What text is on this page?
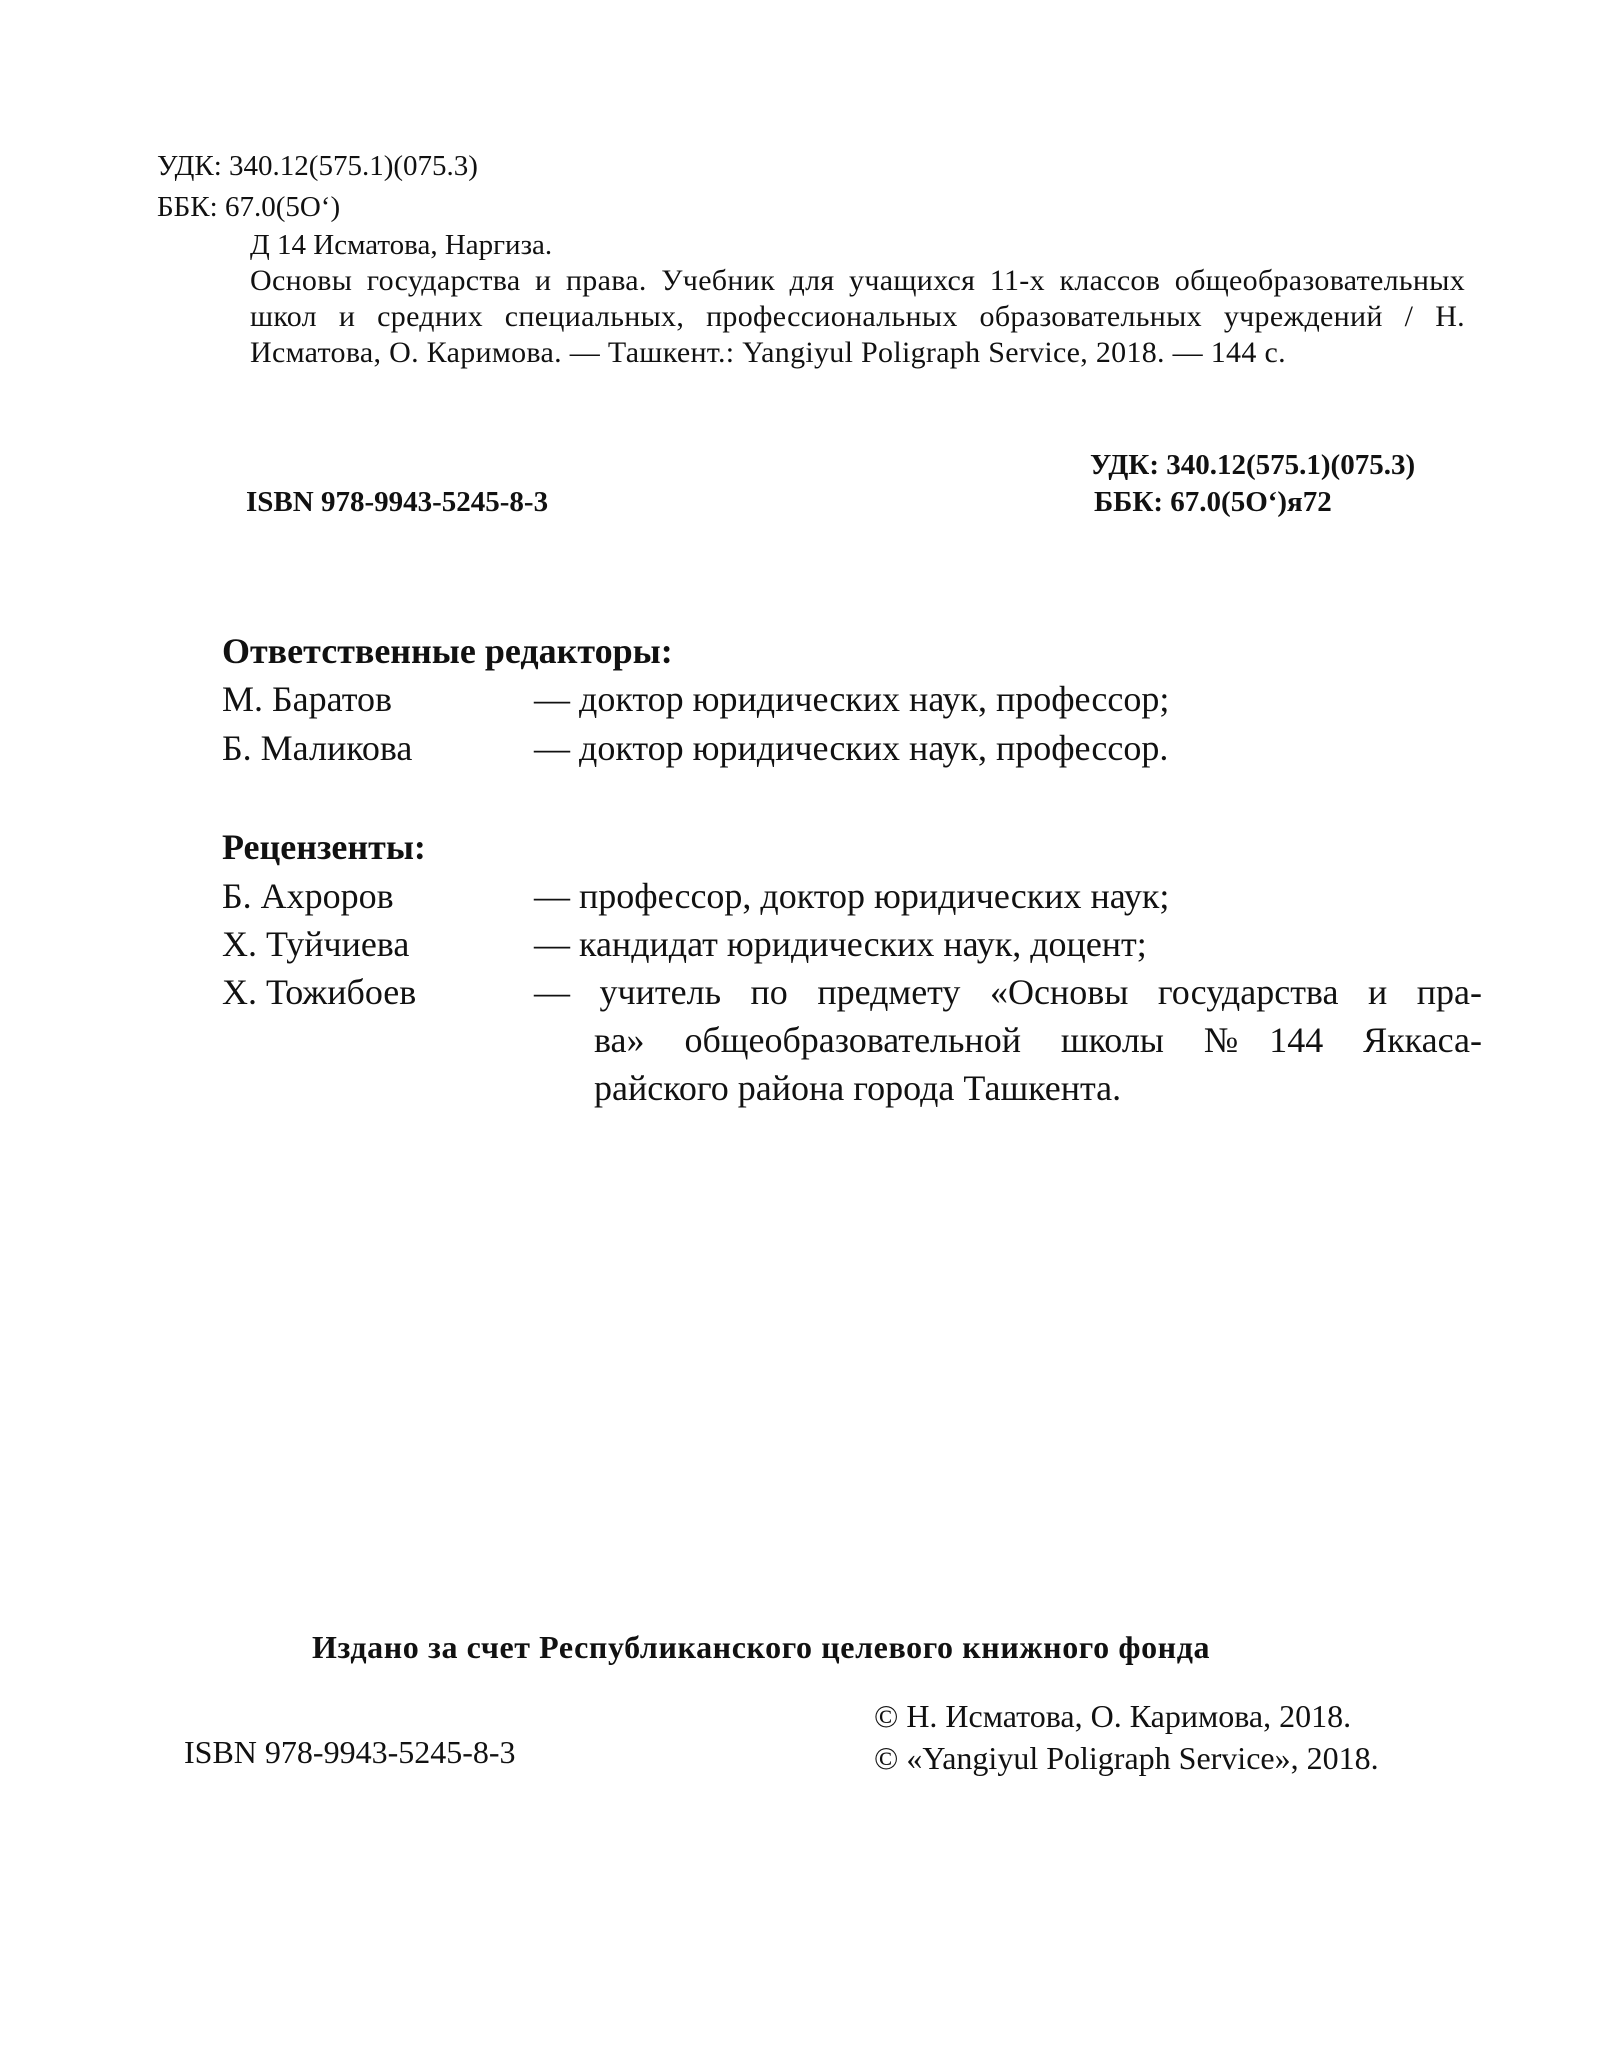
УДК: 340.12(575.1)(075.3)
ББК: 67.0(5О‘)
Д 14 Исматова, Наргиза.
Основы государства и права. Учебник для учащихся 11-х классов общеобразовательных школ и средних специальных, профессиональных образовательных учреждений / Н. Исматова, О. Каримова. — Ташкент.: Yangiyul Poligraph Service, 2018. — 144 с.
УДК: 340.12(575.1)(075.3)
ISBN 978-9943-5245-8-3	ББК: 67.0(5О‘)я72
Ответственные редакторы:
М. Баратов	— доктор юридических наук, профессор;
Б. Маликова	— доктор юридических наук, профессор.
Рецензенты:
Б. Ахроров	— профессор, доктор юридических наук;
Х. Туйчиева	— кандидат юридических наук, доцент;
Х. Тожибоев	— учитель по предмету «Основы государства и пра-
ва» общеобразовательной школы №144 Яккаса-
райского района города Ташкента.
Издано за счет Республиканского целевого книжного фонда
© Н. Исматова, О. Каримова, 2018.
ISBN 978-9943-5245-8-3	© «Yangiyul Poligraph Service», 2018.
